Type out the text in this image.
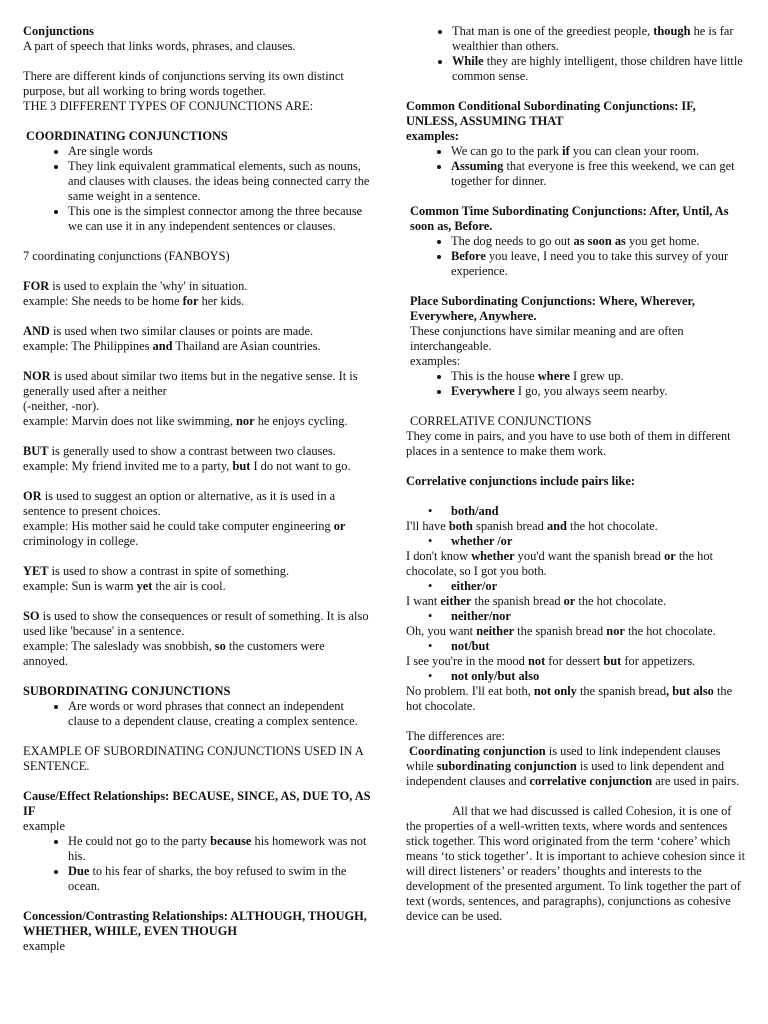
Conjunctions

A part of speech that links words, phrases, and clauses.

There are different kinds of conjunctions serving its own distinct purpose, but all working to bring words together.

THE 3 DIFFERENT TYPES OF CONJUNCTIONS ARE:

COORDINATING CONJUNCTIONS

• Are single words
• They link equivalent grammatical elements, such as nouns, and clauses with clauses. the ideas being connected carry the same weight in a sentence.
• This one is the simplest connector among the three because we can use it in any independent sentences or clauses.

7 coordinating conjunctions (FANBOYS)

FOR is used to explain the 'why' in situation.

example: She needs to be home for her kids.

AND is used when two similar clauses or points are made.

example: The Philippines and Thailand are Asian countries.

NOR is used about similar two items but in the negative sense. It is generally used after a neither

(-neither, -nor).

example: Marvin does not like swimming, nor he enjoys cycling.

BUT is generally used to show a contrast between two clauses.

example: My friend invited me to a party, but I do not want to go.

OR is used to suggest an option or alternative, as it is used in a sentence to present choices.

example: His mother said he could take computer engineering or criminology in college.

YET is used to show a contrast in spite of something.

example: Sun is warm yet the air is cool.

SO is used to show the consequences or result of something. It is also used like 'because' in a sentence.

example: The saleslady was snobbish, so the customers were annoyed.

SUBORDINATING CONJUNCTIONS

• Are words or word phrases that connect an independent clause to a dependent clause, creating a complex sentence.

EXAMPLE OF SUBORDINATING CONJUNCTIONS USED IN A SENTENCE.

Cause/Effect Relationships: BECAUSE, SINCE, AS, DUE TO, AS IF

example

• He could not go to the party because his homework was not his.
• Due to his fear of sharks, the boy refused to swim in the ocean.

Concession/Contrasting Relationships: ALTHOUGH, THOUGH, WHETHER, WHILE, EVEN THOUGH

example

• That man is one of the greediest people, though he is far wealthier than others.
• While they are highly intelligent, those children have little common sense.

Common Conditional Subordinating Conjunctions: IF, UNLESS, ASSUMING THAT

examples:

• We can go to the park if you can clean your room.
• Assuming that everyone is free this weekend, we can get together for dinner.

Common Time Subordinating Conjunctions: After, Until, As soon as, Before.

• The dog needs to go out as soon as you get home.
• Before you leave, I need you to take this survey of your experience.

Place Subordinating Conjunctions: Where, Wherever, Everywhere, Anywhere.

These conjunctions have similar meaning and are often interchangeable.

examples:

• This is the house where I grew up.
• Everywhere I go, you always seem nearby.

CORRELATIVE CONJUNCTIONS

They come in pairs, and you have to use both of them in different places in a sentence to make them work.

Correlative conjunctions include pairs like:

• both/and

I'll have both spanish bread and the hot chocolate.

• whether /or

I don't know whether you'd want the spanish bread or the hot chocolate, so I got you both.

• either/or

I want either the spanish bread or the hot chocolate.

• neither/nor

Oh, you want neither the spanish bread nor the hot chocolate.

• not/but

I see you're in the mood not for dessert but for appetizers.

• not only/but also

No problem. I'll eat both, not only the spanish bread, but also the hot chocolate.

The differences are:

Coordinating conjunction is used to link independent clauses while subordinating conjunction is used to link dependent and independent clauses and correlative conjunction are used in pairs.

All that we had discussed is called Cohesion, it is one of the properties of a well-written texts, where words and sentences stick together. This word originated from the term ‘cohere’ which means ‘to stick together’. It is important to achieve cohesion since it will direct listeners’ or readers’ thoughts and interests to the development of the presented argument. To link together the part of text (words, sentences, and paragraphs), conjunctions as cohesive device can be used.
